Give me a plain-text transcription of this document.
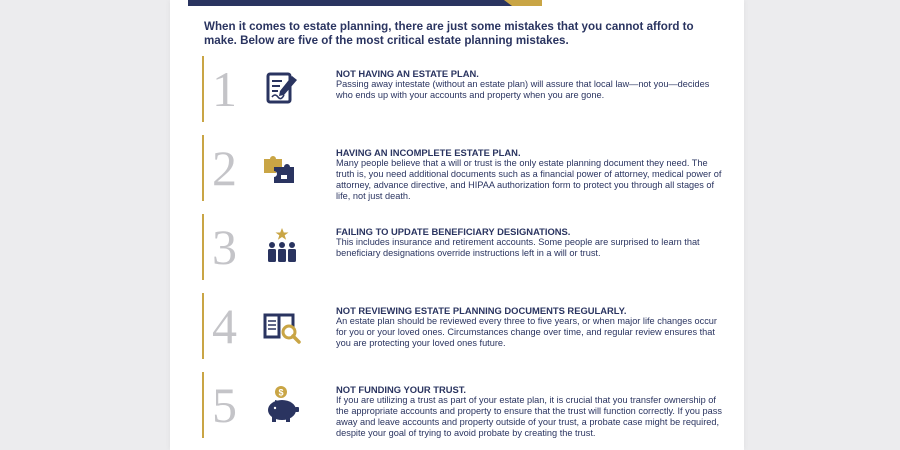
When it comes to estate planning, there are just some mistakes that you cannot afford to make. Below are five of the most critical estate planning mistakes.
1	NOT HAVING AN ESTATE PLAN.
Passing away intestate (without an estate plan) will assure that local law—not you—decides who ends up with your accounts and property when you are gone.
2	HAVING AN INCOMPLETE ESTATE PLAN.
Many people believe that a will or trust is the only estate planning document they need. The truth is, you need additional documents such as a financial power of attorney, medical power of attorney, advance directive, and HIPAA authorization form to protect you through all stages of life, not just death.
3	FAILING TO UPDATE BENEFICIARY DESIGNATIONS.
This includes insurance and retirement accounts. Some people are surprised to learn that beneficiary designations override instructions left in a will or trust.
4	NOT REVIEWING ESTATE PLANNING DOCUMENTS REGULARLY.
An estate plan should be reviewed every three to five years, or when major life changes occur for you or your loved ones. Circumstances change over time, and regular review ensures that you are protecting your loved ones future.
5	$	NOT FUNDING YOUR TRUST.
If you are utilizing a trust as part of your estate plan, it is crucial that you transfer ownership of the appropriate accounts and property to ensure that the trust will function correctly. If you pass away and leave accounts and property outside of your trust, a probate case might be required, despite your goal of trying to avoid probate by creating the trust.
